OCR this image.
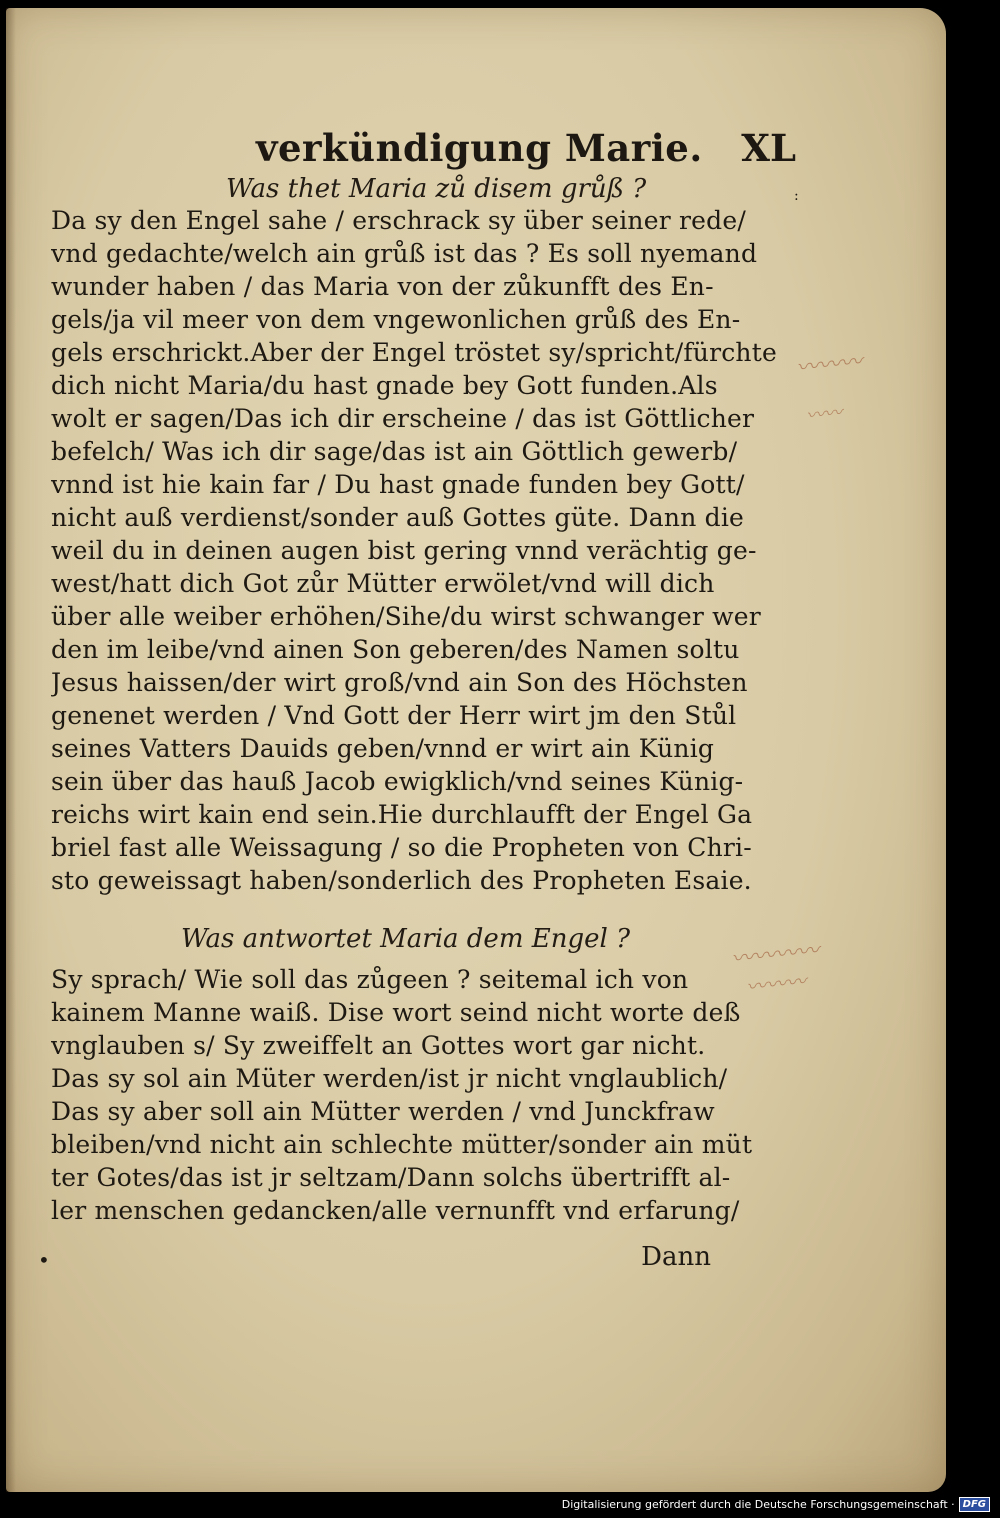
verkündigung Marie. XL
Was thet Maria zů disem grůß ?
Da sy den Engel sahe / erschrack sy über seiner rede/
vnd gedachte/welch ain grůß ist das ? Es soll nyemand
wunder haben / das Maria von der zůkunfft des En-
gels/ja vil meer von dem vngewonlichen grůß des En-
gels erschrickt.Aber der Engel tröstet sy/spricht/fürchte
dich nicht Maria/du hast gnade bey Gott funden.Als
wolt er sagen/Das ich dir erscheine / das ist Göttlicher
befelch/ Was ich dir sage/das ist ain Göttlich gewerb/
vnnd ist hie kain far / Du hast gnade funden bey Gott/
nicht auß verdienst/sonder auß Gottes güte. Dann die
weil du in deinen augen bist gering vnnd verächtig ge-
west/hatt dich Got zůr Mütter erwölet/vnd will dich
über alle weiber erhöhen/Sihe/du wirst schwanger wer
den im leibe/vnd ainen Son geberen/des Namen soltu
Jesus haissen/der wirt groß/vnd ain Son des Höchsten
genenet werden / Vnd Gott der Herr wirt jm den Stůl
seines Vatters Dauids geben/vnnd er wirt ain Künig
sein über das hauß Jacob ewigklich/vnd seines Künig-
reichs wirt kain end sein.Hie durchlaufft der Engel Ga
briel fast alle Weissagung / so die Propheten von Chri-
sto geweissagt haben/sonderlich des Propheten Esaie.
Was antwortet Maria dem Engel ?
Sy sprach/ Wie soll das zůgeen ? seitemal ich von
kainem Manne waiß. Dise wort seind nicht worte deß
vnglauben s/ Sy zweiffelt an Gottes wort gar nicht.
Das sy sol ain Müter werden/ist jr nicht vnglaublich/
Das sy aber soll ain Mütter werden / vnd Junckfraw
bleiben/vnd nicht ain schlechte mütter/sonder ain müt
ter Gotes/das ist jr seltzam/Dann solchs übertrifft al-
ler menschen gedancken/alle vernunfft vnd erfarung/
Dann
•
:
〰〰〰
〰〰
〰〰〰〰
〰〰〰
Digitalisierung gefördert durch die Deutsche Forschungsgemeinschaft · DFG
